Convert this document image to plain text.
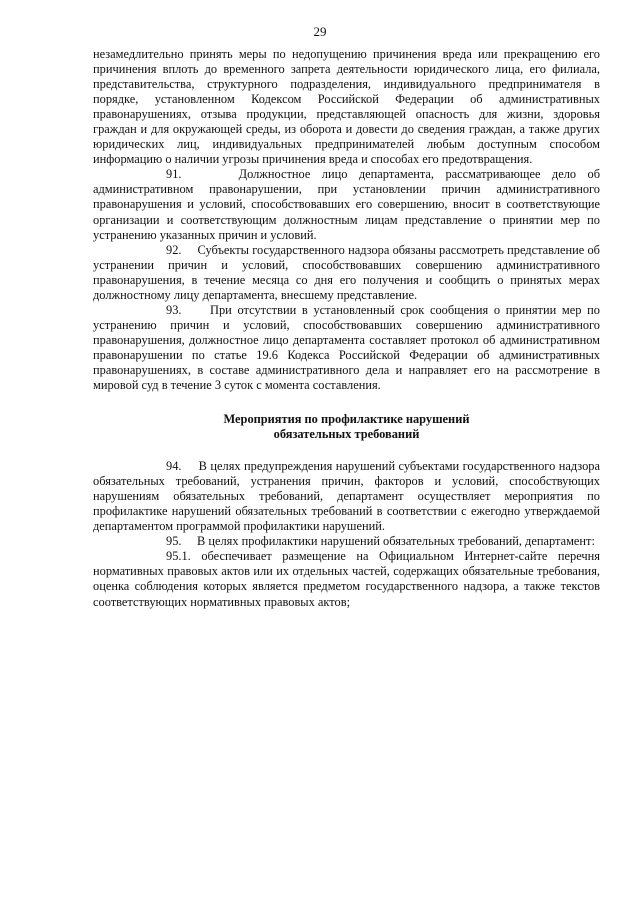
29

незамедлительно принять меры по недопущению причинения вреда или прекращению его причинения вплоть до временного запрета деятельности юридического лица, его филиала, представительства, структурного подразделения, индивидуального предпринимателя в порядке, установленном Кодексом Российской Федерации об административных правонарушениях, отзыва продукции, представляющей опасность для жизни, здоровья граждан и для окружающей среды, из оборота и довести до сведения граждан, а также других юридических лиц, индивидуальных предпринимателей любым доступным способом информацию о наличии угрозы причинения вреда и способах его предотвращения.

91.     Должностное лицо департамента, рассматривающее дело об административном правонарушении, при установлении причин административного правонарушения и условий, способствовавших его совершению, вносит в соответствующие организации и соответствующим должностным лицам представление о принятии мер по устранению указанных причин и условий.

92.     Субъекты государственного надзора обязаны рассмотреть представление об устранении причин и условий, способствовавших совершению административного правонарушения, в течение месяца со дня его получения и сообщить о принятых мерах должностному лицу департамента, внесшему представление.

93.     При отсутствии в установленный срок сообщения о принятии мер по устранению причин и условий, способствовавших совершению административного правонарушения, должностное лицо департамента составляет протокол об административном правонарушении по статье 19.6 Кодекса Российской Федерации об административных правонарушениях, в составе административного дела и направляет его на рассмотрение в мировой суд в течение 3 суток с момента составления.

Мероприятия по профилактике нарушений
обязательных требований

94.     В целях предупреждения нарушений субъектами государственного надзора обязательных требований, устранения причин, факторов и условий, способствующих нарушениям обязательных требований, департамент осуществляет мероприятия по профилактике нарушений обязательных требований в соответствии с ежегодно утверждаемой департаментом программой профилактики нарушений.

95.     В целях профилактики нарушений обязательных требований, департамент:

95.1. обеспечивает размещение на Официальном Интернет-сайте перечня нормативных правовых актов или их отдельных частей, содержащих обязательные требования, оценка соблюдения которых является предметом государственного надзора, а также текстов соответствующих нормативных правовых актов;
